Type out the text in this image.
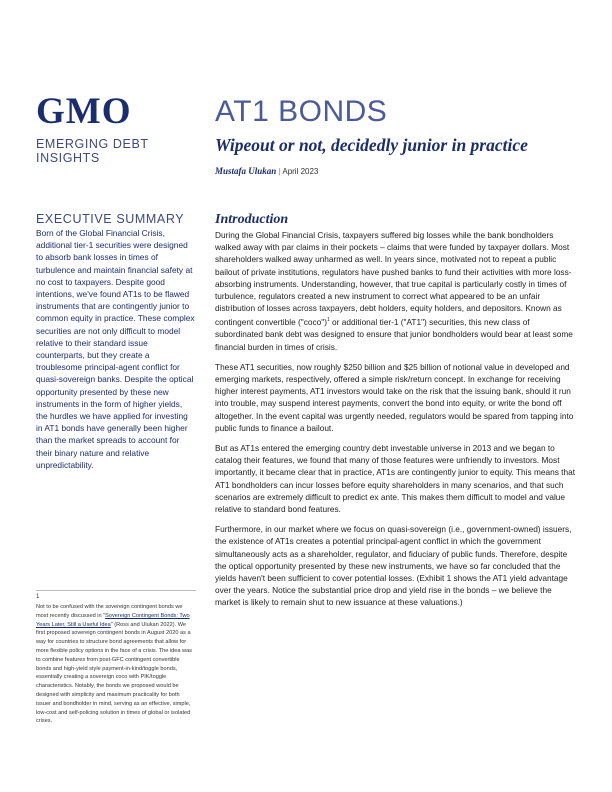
GMO
EMERGING DEBT
INSIGHTS
AT1 BONDS
Wipeout or not, decidedly junior in practice
Mustafa Ulukan | April 2023
EXECUTIVE SUMMARY
Born of the Global Financial Crisis, additional tier-1 securities were designed to absorb bank losses in times of turbulence and maintain financial safety at no cost to taxpayers. Despite good intentions, we've found AT1s to be flawed instruments that are contingently junior to common equity in practice. These complex securities are not only difficult to model relative to their standard issue counterparts, but they create a troublesome principal-agent conflict for quasi-sovereign banks. Despite the optical opportunity presented by these new instruments in the form of higher yields, the hurdles we have applied for investing in AT1 bonds have generally been higher than the market spreads to account for their binary nature and relative unpredictability.
1
Not to be confused with the sovereign contingent bonds we most recently discussed in "Sovereign Contingent Bonds: Two Years Later, Still a Useful Idea" (Ross and Ulukan 2022). We first proposed sovereign contingent bonds in August 2020 as a way for countries to structure bond agreements that allow for more flexible policy options in the face of a crisis. The idea was to combine features from post-GFC contingent convertible bonds and high-yield style payment-in-kind/toggle bonds, essentially creating a sovereign coco with PIK/toggle characteristics. Notably, the bonds we proposed would be designed with simplicity and maximum practicality for both issuer and bondholder in mind, serving as an effective, simple, low-cost and self-policing solution in times of global or isolated crises.
Introduction

During the Global Financial Crisis, taxpayers suffered big losses while the bank bondholders walked away with par claims in their pockets – claims that were funded by taxpayer dollars. Most shareholders walked away unharmed as well. In years since, motivated not to repeat a public bailout of private institutions, regulators have pushed banks to fund their activities with more loss-absorbing instruments. Understanding, however, that true capital is particularly costly in times of turbulence, regulators created a new instrument to correct what appeared to be an unfair distribution of losses across taxpayers, debt holders, equity holders, and depositors. Known as contingent convertible ("coco")$^1$ or additional tier-1 ("AT1") securities, this new class of subordinated bank debt was designed to ensure that junior bondholders would bear at least some financial burden in times of crisis.

These AT1 securities, now roughly $250 billion and $25 billion of notional value in developed and emerging markets, respectively, offered a simple risk/return concept. In exchange for receiving higher interest payments, AT1 investors would take on the risk that the issuing bank, should it run into trouble, may suspend interest payments, convert the bond into equity, or write the bond off altogether. In the event capital was urgently needed, regulators would be spared from tapping into public funds to finance a bailout.

But as AT1s entered the emerging country debt investable universe in 2013 and we began to catalog their features, we found that many of those features were unfriendly to investors. Most importantly, it became clear that in practice, AT1s are contingently junior to equity. This means that AT1 bondholders can incur losses before equity shareholders in many scenarios, and that such scenarios are extremely difficult to predict ex ante. This makes them difficult to model and value relative to standard bond features.

Furthermore, in our market where we focus on quasi-sovereign (i.e., government-owned) issuers, the existence of AT1s creates a potential principal-agent conflict in which the government simultaneously acts as a shareholder, regulator, and fiduciary of public funds. Therefore, despite the optical opportunity presented by these new instruments, we have so far concluded that the yields haven't been sufficient to cover potential losses. (Exhibit 1 shows the AT1 yield advantage over the years. Notice the substantial price drop and yield rise in the bonds – we believe the market is likely to remain shut to new issuance at these valuations.)
